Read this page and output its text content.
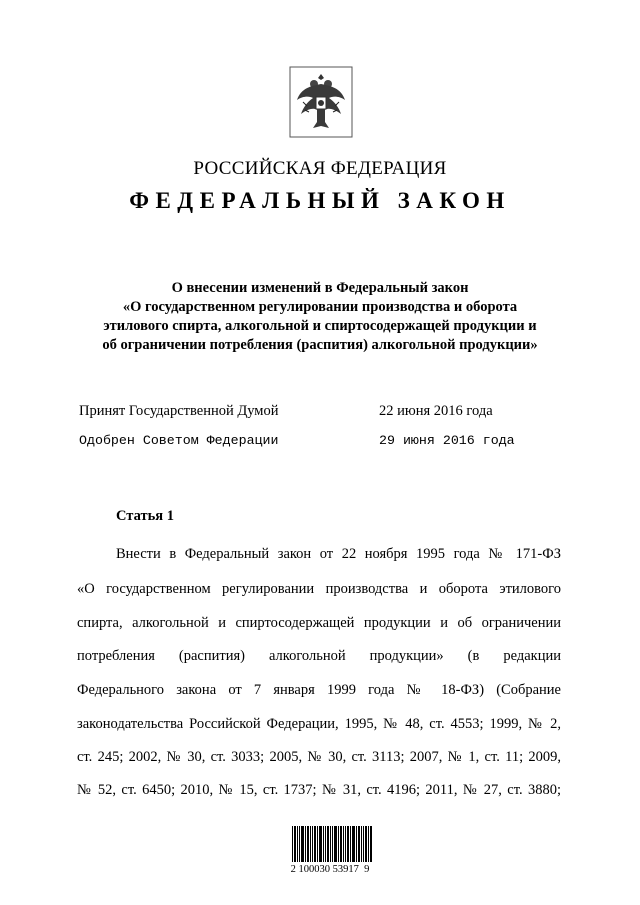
РОССИЙСКАЯ ФЕДЕРАЦИЯ
ФЕДЕРАЛЬНЫЙ ЗАКОН
О внесении изменений в Федеральный закон
«О государственном регулировании производства и оборота
этилового спирта, алкогольной и спиртосодержащей продукции и
об ограничении потребления (распития) алкогольной продукции»
Принят Государственной Думой	22 июня 2016 года
Одобрен Советом Федерации	29 июня 2016 года
Статья 1
Внести в Федеральный закон от 22 ноября 1995 года № 171-ФЗ
«О государственном регулировании производства и оборота этилового
спирта, алкогольной и спиртосодержащей продукции и об ограничении
потребления (распития) алкогольной продукции» (в редакции
Федерального закона от 7 января 1999 года № 18-ФЗ) (Собрание
законодательства Российской Федерации, 1995, № 48, ст. 4553; 1999, № 2,
ст. 245; 2002, № 30, ст. 3033; 2005, № 30, ст. 3113; 2007, № 1, ст. 11; 2009,
№ 52, ст. 6450; 2010, № 15, ст. 1737; № 31, ст. 4196; 2011, № 27, ст. 3880;
2 100030 53917  9
